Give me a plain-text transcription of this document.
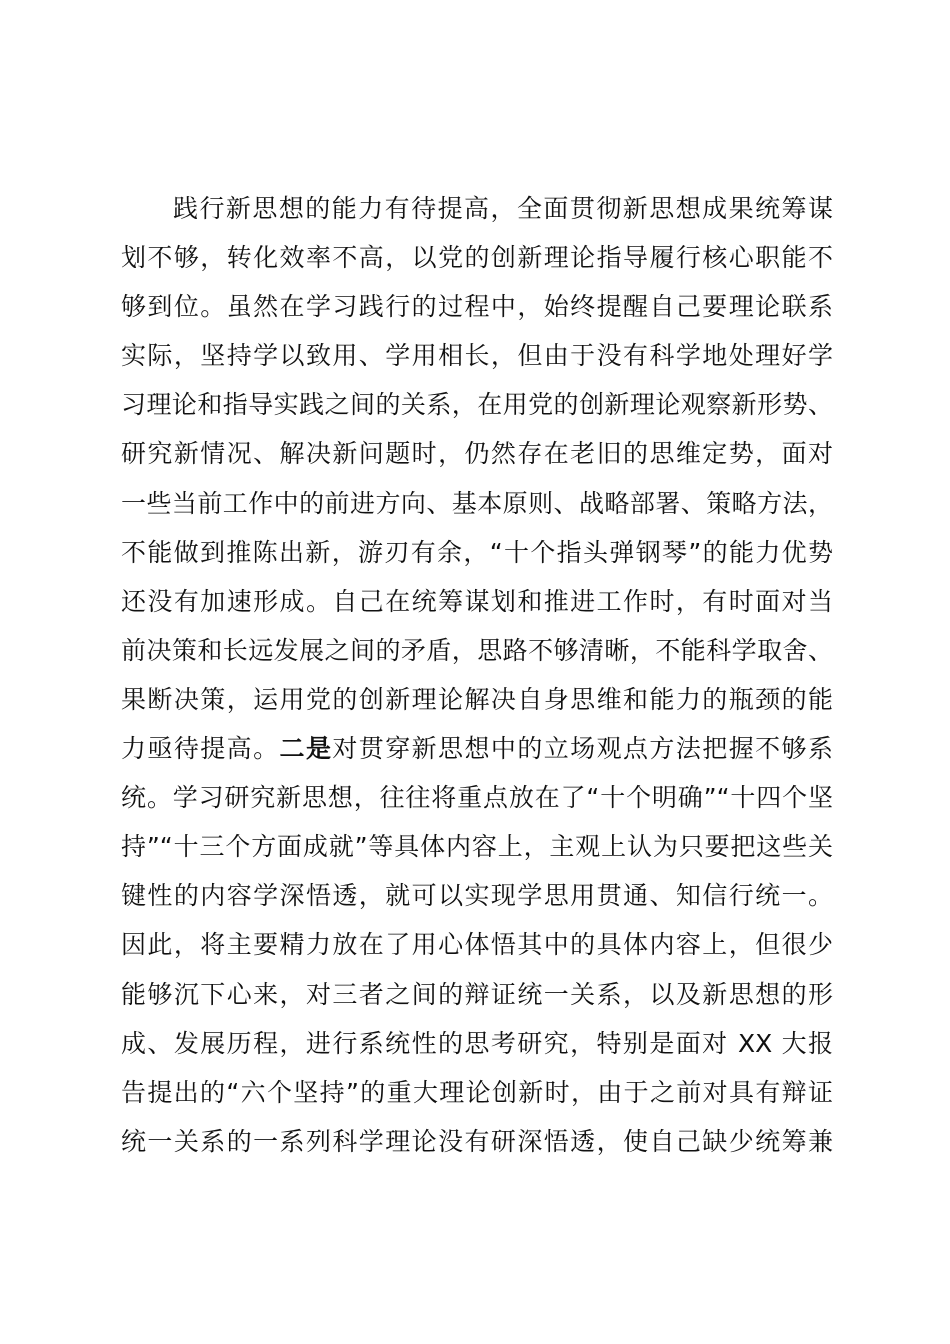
践行新思想的能力有待提高，全面贯彻新思想成果统筹谋
划不够，转化效率不高，以党的创新理论指导履行核心职能不
够到位。虽然在学习践行的过程中，始终提醒自己要理论联系
实际，坚持学以致用、学用相长，但由于没有科学地处理好学
习理论和指导实践之间的关系，在用党的创新理论观察新形势、
研究新情况、解决新问题时，仍然存在老旧的思维定势，面对
一些当前工作中的前进方向、基本原则、战略部署、策略方法，
不能做到推陈出新，游刃有余，“十个指头弹钢琴”的能力优势
还没有加速形成。自己在统筹谋划和推进工作时，有时面对当
前决策和长远发展之间的矛盾，思路不够清晰，不能科学取舍、
果断决策，运用党的创新理论解决自身思维和能力的瓶颈的能
力亟待提高。二是对贯穿新思想中的立场观点方法把握不够系
统。学习研究新思想，往往将重点放在了“十个明确”“十四个坚
持”“十三个方面成就”等具体内容上，主观上认为只要把这些关
键性的内容学深悟透，就可以实现学思用贯通、知信行统一。
因此，将主要精力放在了用心体悟其中的具体内容上，但很少
能够沉下心来，对三者之间的辩证统一关系，以及新思想的形
成、发展历程，进行系统性的思考研究，特别是面对 XX 大报
告提出的“六个坚持”的重大理论创新时，由于之前对具有辩证
统一关系的一系列科学理论没有研深悟透，使自己缺少统筹兼
